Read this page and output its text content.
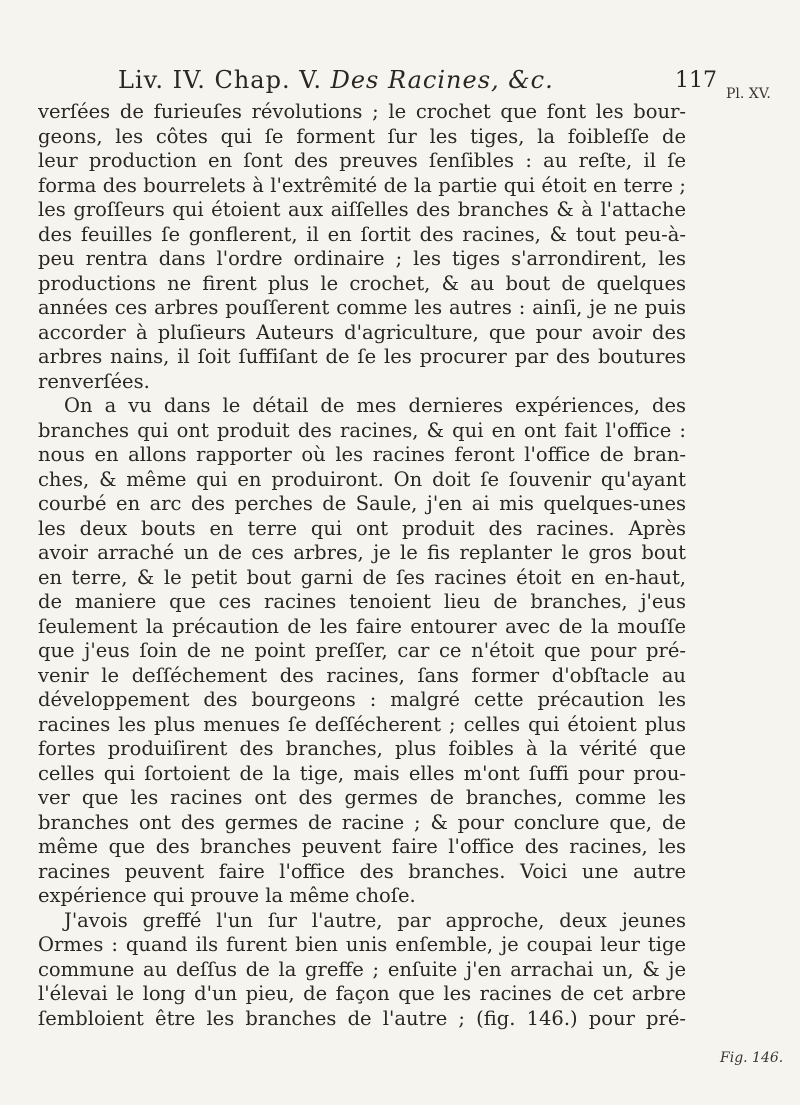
Liv. IV. Chap. V. Des Racines, &c.	117
Pl. XV.
Fig. 146.
verſées de furieuſes révolutions ; le crochet que font les bour-
geons, les côtes qui ſe forment ſur les tiges, la foibleſſe de
leur production en ſont des preuves ſenſibles : au reſte, il ſe
forma des bourrelets à l'extrêmité de la partie qui étoit en terre ;
les groſſeurs qui étoient aux aiſſelles des branches & à l'attache
des feuilles ſe gonflerent, il en ſortit des racines, & tout peu-à-
peu rentra dans l'ordre ordinaire ; les tiges s'arrondirent, les
productions ne firent plus le crochet, & au bout de quelques
années ces arbres pouſſerent comme les autres : ainſi, je ne puis
accorder à pluſieurs Auteurs d'agriculture, que pour avoir des
arbres nains, il ſoit ſuffiſant de ſe les procurer par des boutures
renverſées.
On a vu dans le détail de mes dernieres expériences, des
branches qui ont produit des racines, & qui en ont fait l'office :
nous en allons rapporter où les racines feront l'office de bran-
ches, & même qui en produiront. On doit ſe ſouvenir qu'ayant
courbé en arc des perches de Saule, j'en ai mis quelques-unes
les deux bouts en terre qui ont produit des racines. Après
avoir arraché un de ces arbres, je le fis replanter le gros bout
en terre, & le petit bout garni de ſes racines étoit en en-haut,
de maniere que ces racines tenoient lieu de branches, j'eus
ſeulement la précaution de les faire entourer avec de la mouſſe
que j'eus ſoin de ne point preſſer, car ce n'étoit que pour pré-
venir le deſſéchement des racines, ſans former d'obſtacle au
développement des bourgeons : malgré cette précaution les
racines les plus menues ſe deſſécherent ; celles qui étoient plus
fortes produiſirent des branches, plus foibles à la vérité que
celles qui ſortoient de la tige, mais elles m'ont ſuffi pour prou-
ver que les racines ont des germes de branches, comme les
branches ont des germes de racine ; & pour conclure que, de
même que des branches peuvent faire l'office des racines, les
racines peuvent faire l'office des branches. Voici une autre
expérience qui prouve la même choſe.
J'avois greffé l'un ſur l'autre, par approche, deux jeunes
Ormes : quand ils furent bien unis enſemble, je coupai leur tige
commune au deſſus de la greffe ; enſuite j'en arrachai un, & je
l'élevai le long d'un pieu, de façon que les racines de cet arbre
ſembloient être les branches de l'autre ; (fig. 146.) pour pré-
